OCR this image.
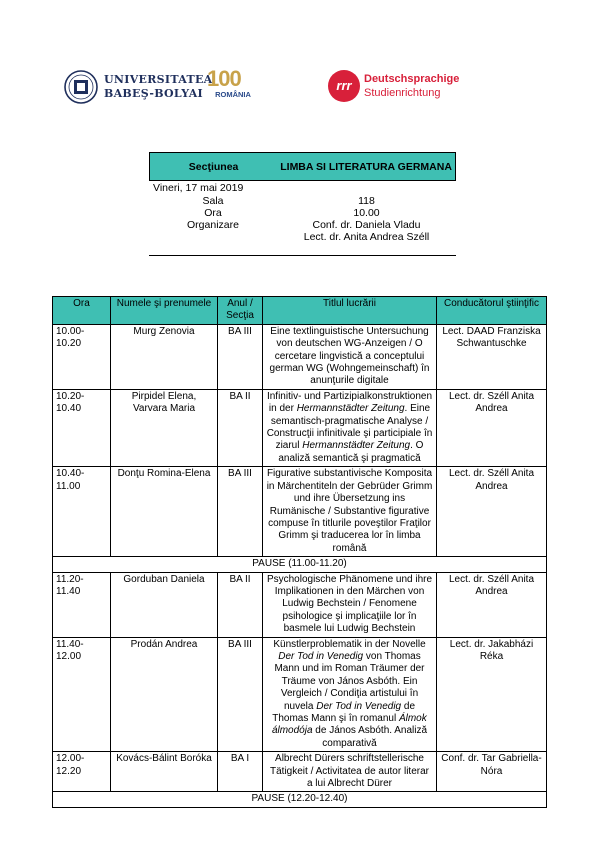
UNIVERSITATEA
BABEŞ-BOLYAI
100
ROMÂNIA
rrr	Deutschsprachige
Studienrichtung
Secţiunea	LIMBA SI LITERATURA GERMANA
Vineri, 17 mai 2019
Sala	118
Ora	10.00
Organizare	Conf. dr. Daniela Vladu
Lect. dr. Anita Andrea Széll
Ora	Numele şi prenumele	Anul / Secţia	Titlul lucrării	Conducătorul ştiinţific
10.00-10.20	Murg Zenovia	BA III	Eine textlinguistische Untersuchung von deutschen WG-Anzeigen / O cercetare lingvistică a conceptului german WG (Wohngemeinschaft) în anunţurile digitale	Lect. DAAD Franziska Schwantuschke
10.20-10.40	Pirpidel Elena, Varvara Maria	BA II	Infinitiv- und Partizipialkonstruktionen in der Hermannstädter Zeitung. Eine semantisch-pragmatische Analyse / Construcţii infinitivale şi participiale în ziarul Hermannstädter Zeitung. O analiză semantică şi pragmatică	Lect. dr. Széll Anita Andrea
10.40-11.00	Donţu Romina-Elena	BA III	Figurative substantivische Komposita in Märchentiteln der Gebrüder Grimm und ihre Übersetzung ins Rumänische / Substantive figurative compuse în titlurile poveştilor Fraţilor Grimm şi traducerea lor în limba română	Lect. dr. Széll Anita Andrea
PAUSE (11.00-11.20)				
11.20-11.40	Gorduban Daniela	BA II	Psychologische Phänomene und ihre Implikationen in den Märchen von Ludwig Bechstein / Fenomene psihologice şi implicaţiile lor în basmele lui Ludwig Bechstein	Lect. dr. Széll Anita Andrea
11.40-12.00	Prodán Andrea	BA III	Künstlerproblematik in der Novelle Der Tod in Venedig von Thomas Mann und im Roman Träumer der Träume von János Asbóth. Ein Vergleich / Condiţia artistului în nuvela Der Tod in Venedig de Thomas Mann şi în romanul Álmok álmodója de János Asbóth. Analiză comparativă	Lect. dr. Jakabházi Réka
12.00-12.20	Kovács-Bálint Boróka	BA I	Albrecht Dürers schriftstellerische Tätigkeit / Activitatea de autor literar a lui Albrecht Dürer	Conf. dr. Tar Gabriella-Nóra
PAUSE (12.20-12.40)				
